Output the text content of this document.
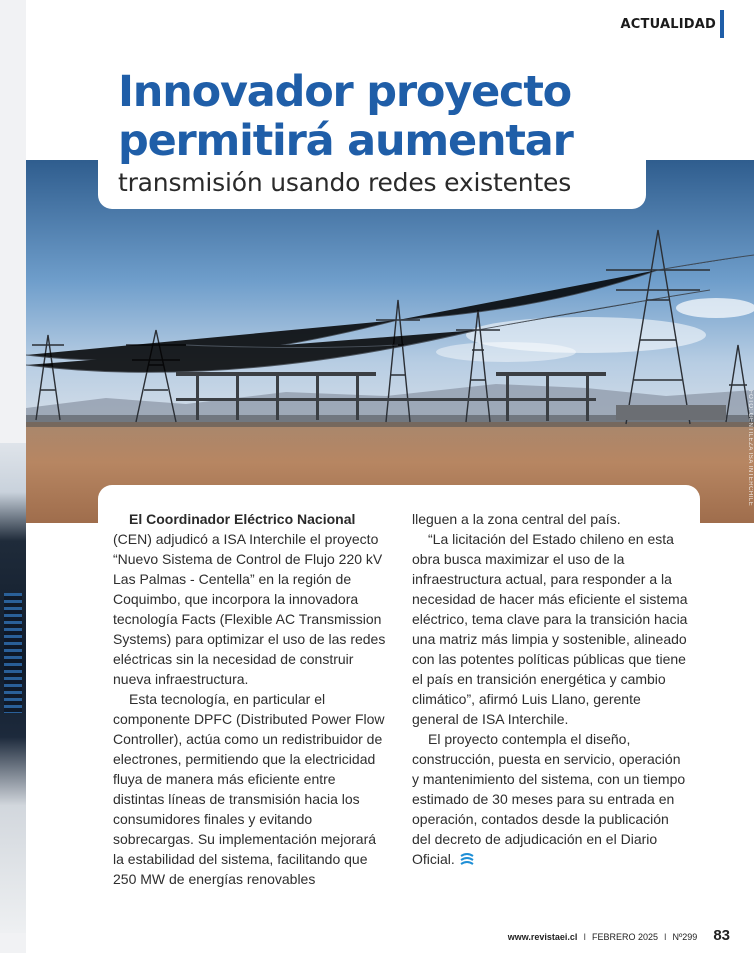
ACTUALIDAD
FOTO: GENTILEZA ISA INTERCHILE
Innovador proyecto
permitirá aumentar
transmisión usando redes existentes

El Coordinador Eléctrico Nacional (CEN) adjudicó a ISA Interchile el proyecto “Nuevo Sistema de Control de Flujo 220 kV Las Palmas - Centella” en la región de Coquimbo, que incorpora la innovadora tecnología Facts (Flexible AC Transmission Systems) para optimizar el uso de las redes eléctricas sin la necesidad de construir nueva infraestructura.

Esta tecnología, en particular el componente DPFC (Distributed Power Flow Controller), actúa como un redistribuidor de electrones, permitiendo que la electricidad fluya de manera más eficiente entre distintas líneas de transmisión hacia los consumidores finales y evitando sobrecargas. Su implementación mejorará la estabilidad del sistema, facilitando que 250 MW de energías renovables

lleguen a la zona central del país.

“La licitación del Estado chileno en esta obra busca maximizar el uso de la infraestructura actual, para responder a la necesidad de hacer más eficiente el sistema eléctrico, tema clave para la transición hacia una matriz más limpia y sostenible, alineado con las potentes políticas públicas que tiene el país en transición energética y cambio climático”, afirmó Luis Llano, gerente general de ISA Interchile.

El proyecto contempla el diseño, construcción, puesta en servicio, operación y mantenimiento del sistema, con un tiempo estimado de 30 meses para su entrada en operación, contados desde la publicación del decreto de adjudicación en el Diario Oficial.

www.revistaei.cl I FEBRERO 2025 I Nº299 83
